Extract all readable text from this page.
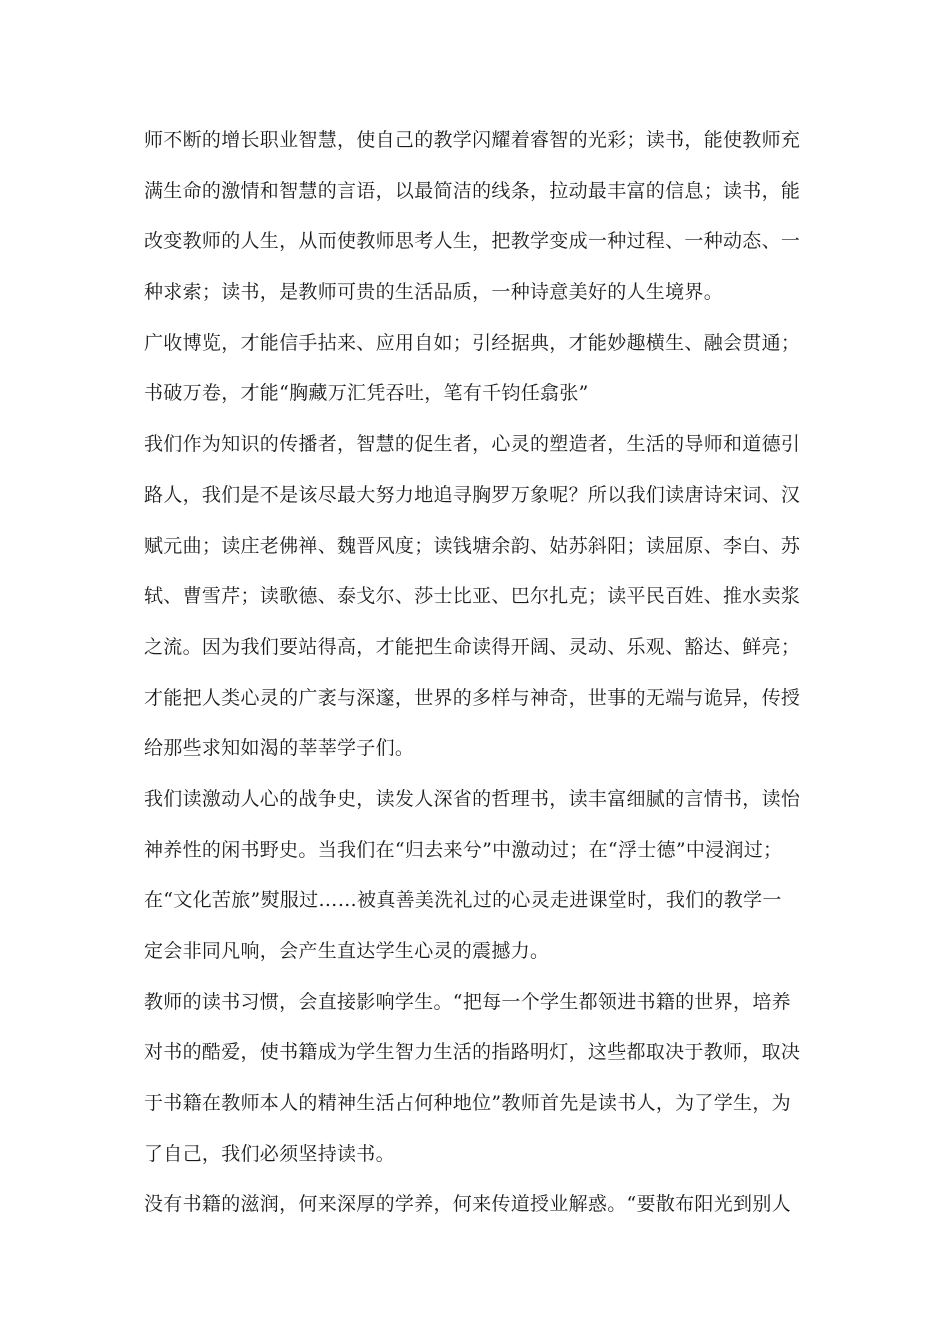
师不断的增长职业智慧，使自己的教学闪耀着睿智的光彩；读书，能使教师充
满生命的激情和智慧的言语，以最简洁的线条，拉动最丰富的信息；读书，能
改变教师的人生，从而使教师思考人生，把教学变成一种过程、一种动态、一
种求索；读书，是教师可贵的生活品质，一种诗意美好的人生境界。
广收博览，才能信手拈来、应用自如；引经据典，才能妙趣横生、融会贯通；
书破万卷，才能“胸藏万汇凭吞吐，笔有千钧任翕张”
我们作为知识的传播者，智慧的促生者，心灵的塑造者，生活的导师和道德引
路人，我们是不是该尽最大努力地追寻胸罗万象呢？所以我们读唐诗宋词、汉
赋元曲；读庄老佛禅、魏晋风度；读钱塘余韵、姑苏斜阳；读屈原、李白、苏
轼、曹雪芹；读歌德、泰戈尔、莎士比亚、巴尔扎克；读平民百姓、推水卖浆
之流。因为我们要站得高，才能把生命读得开阔、灵动、乐观、豁达、鲜亮；
才能把人类心灵的广袤与深邃，世界的多样与神奇，世事的无端与诡异，传授
给那些求知如渴的莘莘学子们。
我们读激动人心的战争史，读发人深省的哲理书，读丰富细腻的言情书，读怡
神养性的闲书野史。当我们在“归去来兮”中激动过；在“浮士德”中浸润过；
在“文化苦旅”熨服过……被真善美洗礼过的心灵走进课堂时，我们的教学一
定会非同凡响，会产生直达学生心灵的震撼力。
教师的读书习惯，会直接影响学生。“把每一个学生都领进书籍的世界，培养
对书的酷爱，使书籍成为学生智力生活的指路明灯，这些都取决于教师，取决
于书籍在教师本人的精神生活占何种地位”教师首先是读书人，为了学生，为
了自己，我们必须坚持读书。
没有书籍的滋润，何来深厚的学养，何来传道授业解惑。“要散布阳光到别人
